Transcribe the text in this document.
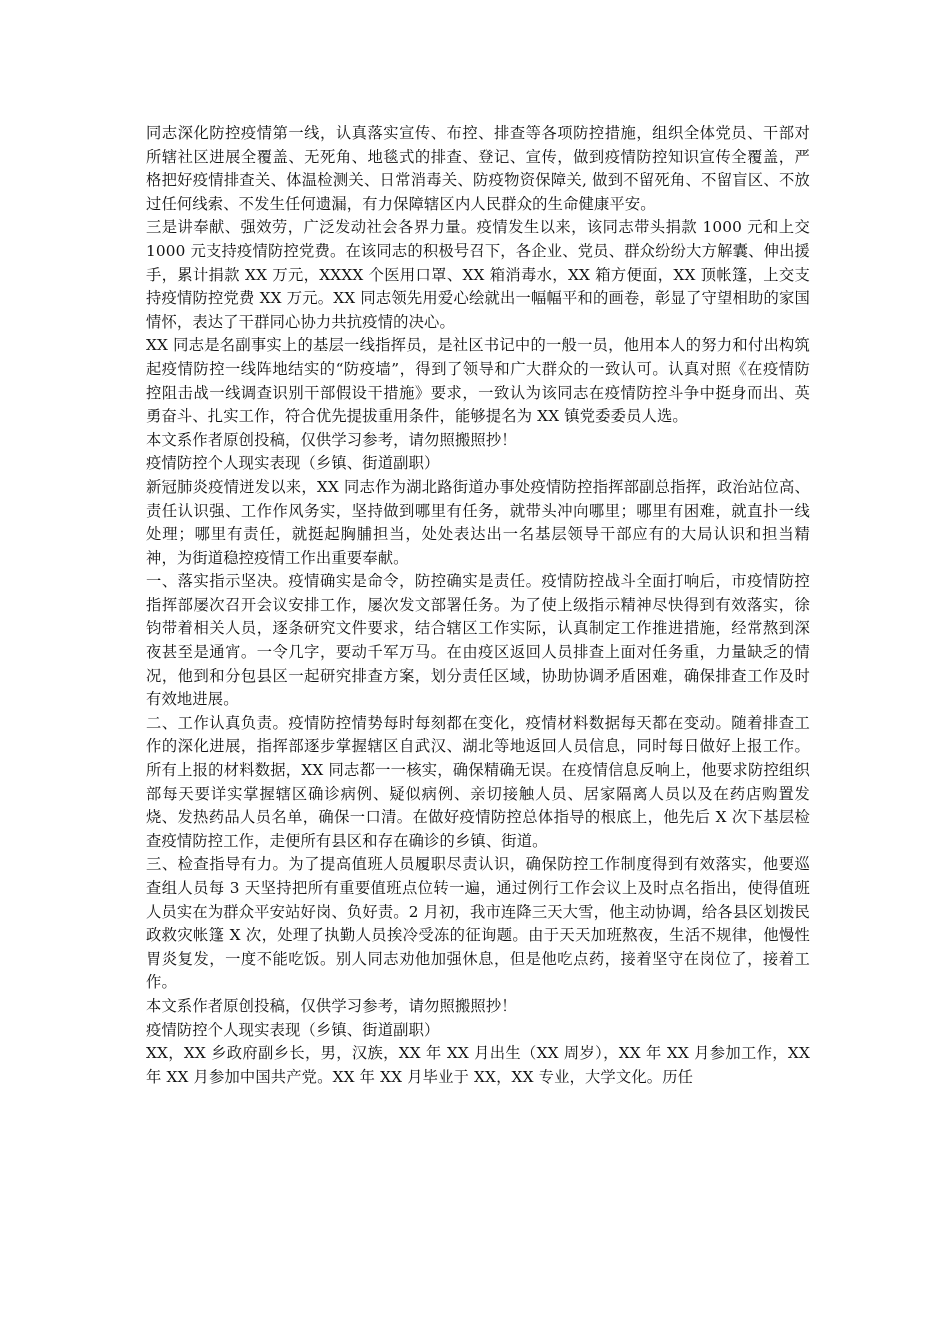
同志深化防控疫情第一线，认真落实宣传、布控、排查等各项防控措施，组织全体党员、干部对所辖社区进展全覆盖、无死角、地毯式的排查、登记、宣传，做到疫情防控知识宣传全覆盖，严格把好疫情排查关、体温检测关、日常消毒关、防疫物资保障关, 做到不留死角、不留盲区、不放过任何线索、不发生任何遗漏，有力保障辖区内人民群众的生命健康平安。

三是讲奉献、强效劳，广泛发动社会各界力量。疫情发生以来，该同志带头捐款 1000 元和上交 1000 元支持疫情防控党费。在该同志的积极号召下，各企业、党员、群众纷纷大方解囊、伸出援手，累计捐款 XX 万元，XXXX 个医用口罩、XX 箱消毒水，XX 箱方便面，XX 顶帐篷，上交支持疫情防控党费 XX 万元。XX 同志领先用爱心绘就出一幅幅平和的画卷，彰显了守望相助的家国情怀，表达了干群同心协力共抗疫情的决心。

XX 同志是名副事实上的基层一线指挥员，是社区书记中的一般一员，他用本人的努力和付出构筑起疫情防控一线阵地结实的“防疫墙”，得到了领导和广大群众的一致认可。认真对照《在疫情防控阻击战一线调查识别干部假设干措施》要求，一致认为该同志在疫情防控斗争中挺身而出、英勇奋斗、扎实工作，符合优先提拔重用条件，能够提名为 XX 镇党委委员人选。

本文系作者原创投稿，仅供学习参考，请勿照搬照抄！

疫情防控个人现实表现（乡镇、街道副职）

新冠肺炎疫情迸发以来，XX 同志作为湖北路街道办事处疫情防控指挥部副总指挥，政治站位高、责任认识强、工作作风务实，坚持做到哪里有任务，就带头冲向哪里；哪里有困难，就直扑一线处理；哪里有责任，就挺起胸脯担当，处处表达出一名基层领导干部应有的大局认识和担当精神，为街道稳控疫情工作出重要奉献。

一、落实指示坚决。疫情确实是命令，防控确实是责任。疫情防控战斗全面打响后，市疫情防控指挥部屡次召开会议安排工作，屡次发文部署任务。为了使上级指示精神尽快得到有效落实，徐钧带着相关人员，逐条研究文件要求，结合辖区工作实际，认真制定工作推进措施，经常熬到深夜甚至是通宵。一令几字，要动千军万马。在由疫区返回人员排查上面对任务重，力量缺乏的情况，他到和分包县区一起研究排查方案，划分责任区域，协助协调矛盾困难，确保排查工作及时有效地进展。

二、工作认真负责。疫情防控情势每时每刻都在变化，疫情材料数据每天都在变动。随着排查工作的深化进展，指挥部逐步掌握辖区自武汉、湖北等地返回人员信息，同时每日做好上报工作。所有上报的材料数据，XX 同志都一一核实，确保精确无误。在疫情信息反响上，他要求防控组织部每天要详实掌握辖区确诊病例、疑似病例、亲切接触人员、居家隔离人员以及在药店购置发烧、发热药品人员名单，确保一口清。在做好疫情防控总体指导的根底上，他先后 X 次下基层检查疫情防控工作，走便所有县区和存在确诊的乡镇、街道。

三、检查指导有力。为了提高值班人员履职尽责认识，确保防控工作制度得到有效落实，他要巡查组人员每 3 天坚持把所有重要值班点位转一遍，通过例行工作会议上及时点名指出，使得值班人员实在为群众平安站好岗、负好责。2 月初，我市连降三天大雪，他主动协调，给各县区划拨民政救灾帐篷 X 次，处理了执勤人员挨冷受冻的征询题。由于天天加班熬夜，生活不规律，他慢性胃炎复发，一度不能吃饭。别人同志劝他加强休息，但是他吃点药，接着坚守在岗位了，接着工作。

本文系作者原创投稿，仅供学习参考，请勿照搬照抄！

疫情防控个人现实表现（乡镇、街道副职）

XX，XX 乡政府副乡长，男，汉族，XX 年 XX 月出生（XX 周岁），XX 年 XX 月参加工作，XX 年 XX 月参加中国共产党。XX 年 XX 月毕业于 XX，XX 专业，大学文化。历任
